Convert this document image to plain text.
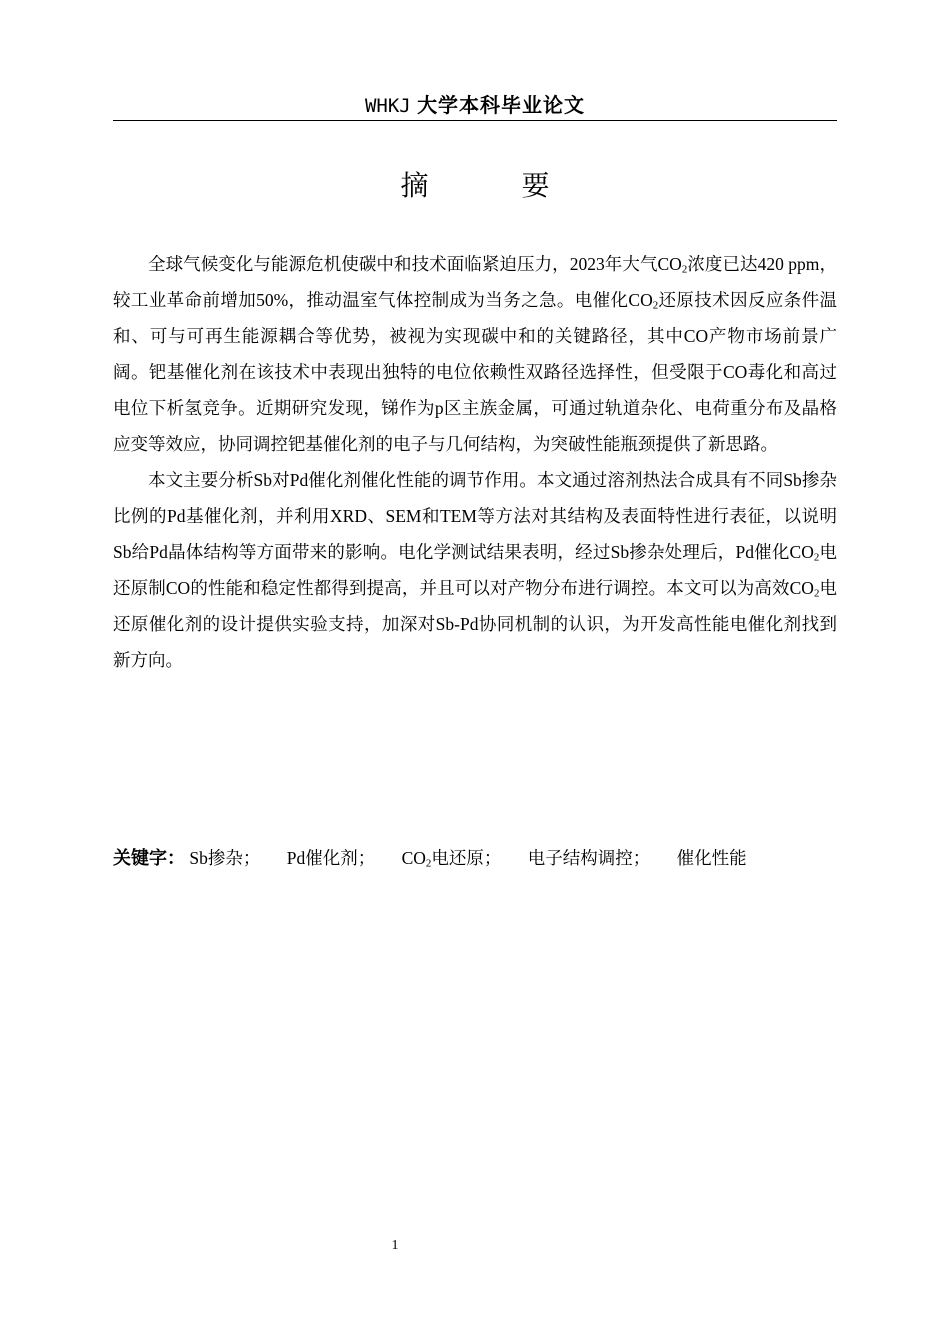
WHKJ 大学本科毕业论文
摘 要

全球气候变化与能源危机使碳中和技术面临紧迫压力，2023年大气$CO_2$浓度已达420 ppm，较工业革命前增加50%，推动温室气体控制成为当务之急。电催化$CO_2$还原技术因反应条件温和、可与可再生能源耦合等优势，被视为实现碳中和的关键路径，其中CO产物市场前景广阔。钯基催化剂在该技术中表现出独特的电位依赖性双路径选择性，但受限于CO毒化和高过电位下析氢竞争。近期研究发现，锑作为p区主族金属，可通过轨道杂化、电荷重分布及晶格应变等效应，协同调控钯基催化剂的电子与几何结构，为突破性能瓶颈提供了新思路。

本文主要分析Sb对Pd催化剂催化性能的调节作用。本文通过溶剂热法合成具有不同Sb掺杂比例的Pd基催化剂，并利用XRD、SEM和TEM等方法对其结构及表面特性进行表征，以说明Sb给Pd晶体结构等方面带来的影响。电化学测试结果表明，经过Sb掺杂处理后，Pd催化$CO_2$电还原制CO的性能和稳定性都得到提高，并且可以对产物分布进行调控。本文可以为高效$CO_2$电还原催化剂的设计提供实验支持，加深对Sb-Pd协同机制的认识，为开发高性能电催化剂找到新方向。

关键字： Sb掺杂； Pd催化剂； $CO_2$电还原； 电子结构调控； 催化性能
1
